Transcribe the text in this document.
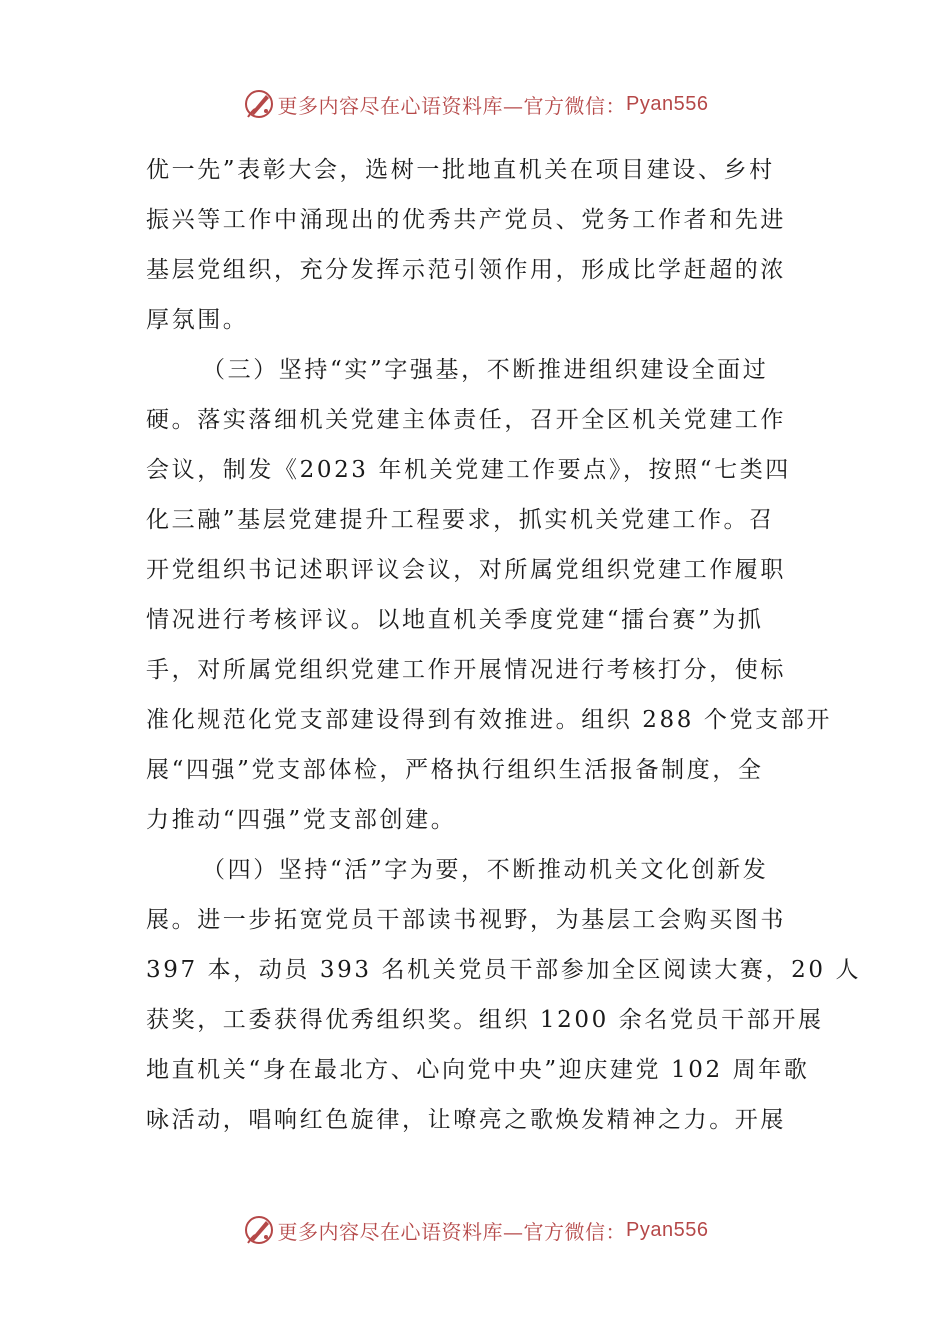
更多内容尽在心语资料库—官方微信： Pyan556
优一先”表彰大会，选树一批地直机关在项目建设、乡村
振兴等工作中涌现出的优秀共产党员、党务工作者和先进
基层党组织，充分发挥示范引领作用，形成比学赶超的浓
厚氛围。
（三）坚持“实”字强基，不断推进组织建设全面过
硬。落实落细机关党建主体责任，召开全区机关党建工作
会议，制发《2023 年机关党建工作要点》，按照“七类四
化三融”基层党建提升工程要求，抓实机关党建工作。召
开党组织书记述职评议会议，对所属党组织党建工作履职
情况进行考核评议。以地直机关季度党建“擂台赛”为抓
手，对所属党组织党建工作开展情况进行考核打分，使标
准化规范化党支部建设得到有效推进。组织 288 个党支部开
展“四强”党支部体检，严格执行组织生活报备制度，全
力推动“四强”党支部创建。
（四）坚持“活”字为要，不断推动机关文化创新发
展。进一步拓宽党员干部读书视野，为基层工会购买图书
397 本，动员 393 名机关党员干部参加全区阅读大赛，20 人
获奖，工委获得优秀组织奖。组织 1200 余名党员干部开展
地直机关“身在最北方、心向党中央”迎庆建党 102 周年歌
咏活动，唱响红色旋律，让嘹亮之歌焕发精神之力。开展
更多内容尽在心语资料库—官方微信： Pyan556
